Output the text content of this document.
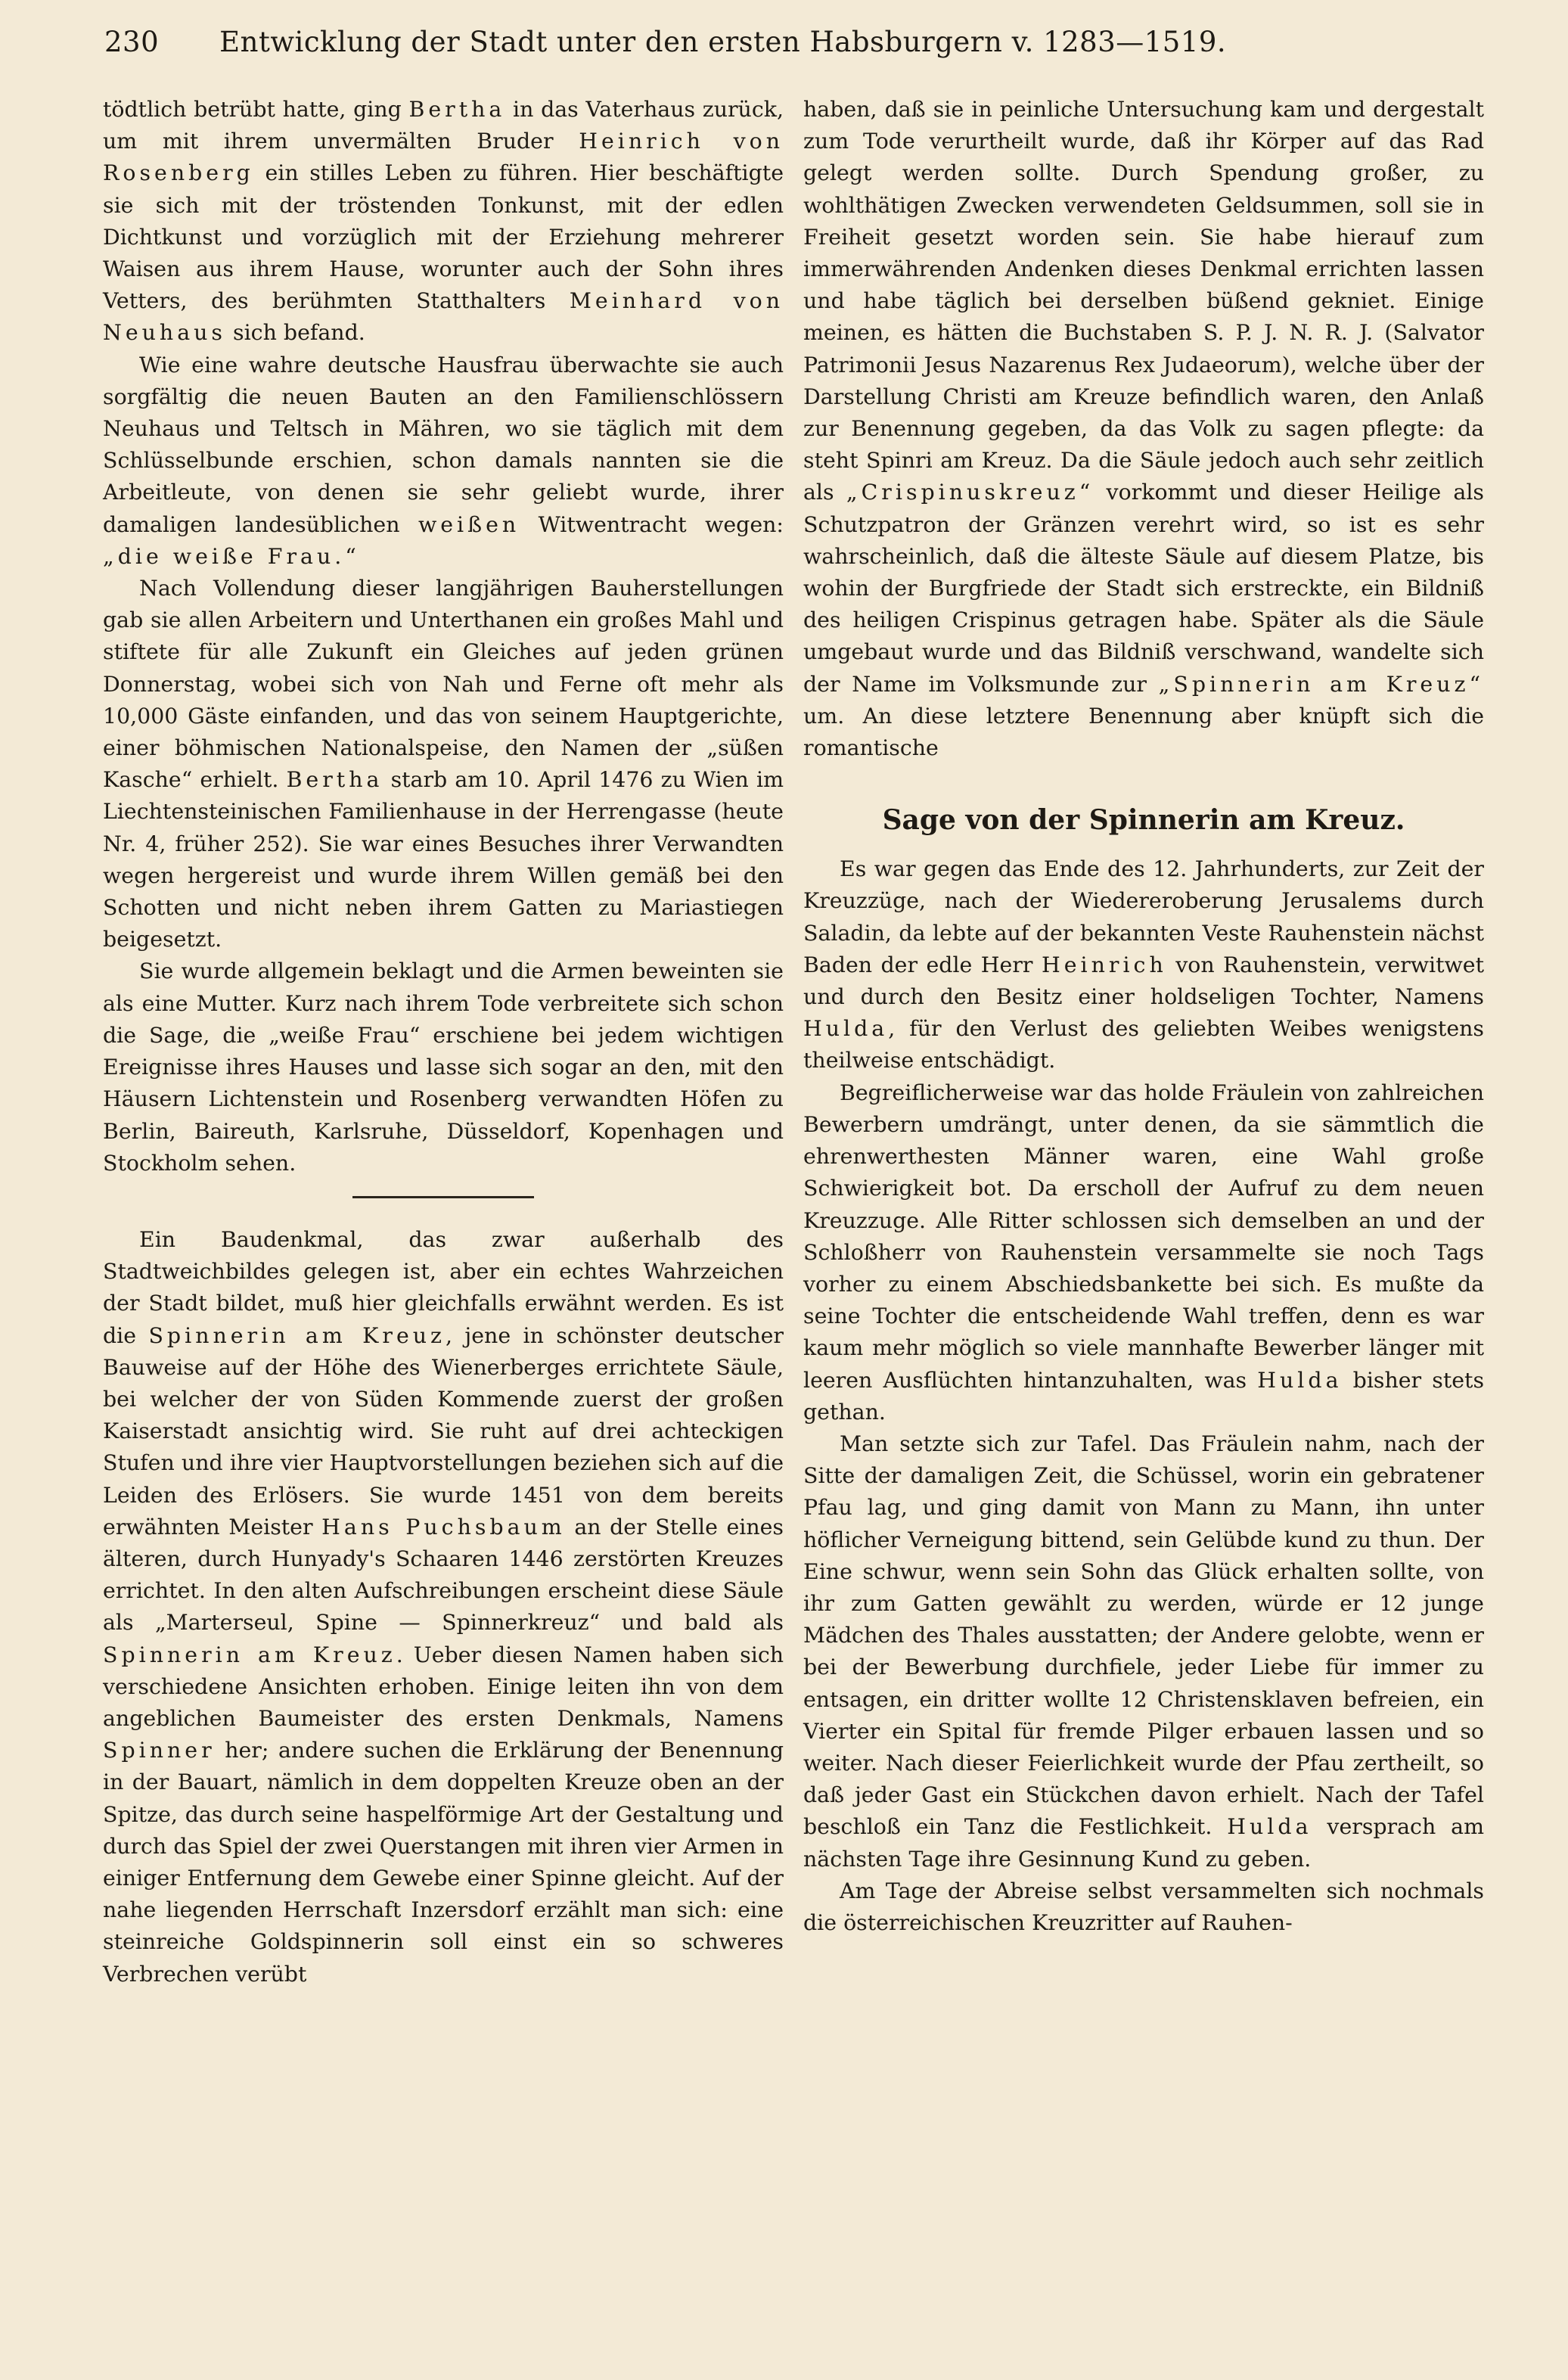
230 Entwicklung der Stadt unter den ersten Habsburgern v. 1283—1519.

tödtlich betrübt hatte, ging Bertha in das Vaterhaus zurück, um mit ihrem unvermälten Bruder Heinrich von Rosenberg ein stilles Leben zu führen. Hier beschäftigte sie sich mit der tröstenden Tonkunst, mit der edlen Dichtkunst und vorzüglich mit der Erziehung mehrerer Waisen aus ihrem Hause, worunter auch der Sohn ihres Vetters, des berühmten Statthalters Meinhard von Neuhaus sich befand.

Wie eine wahre deutsche Hausfrau überwachte sie auch sorgfältig die neuen Bauten an den Familienschlössern Neuhaus und Teltsch in Mähren, wo sie täglich mit dem Schlüsselbunde erschien, schon damals nannten sie die Arbeitleute, von denen sie sehr geliebt wurde, ihrer damaligen landesüblichen weißen Witwentracht wegen: „die weiße Frau.“

Nach Vollendung dieser langjährigen Bauherstellungen gab sie allen Arbeitern und Unterthanen ein großes Mahl und stiftete für alle Zukunft ein Gleiches auf jeden grünen Donnerstag, wobei sich von Nah und Ferne oft mehr als 10,000 Gäste einfanden, und das von seinem Hauptgerichte, einer böhmischen Nationalspeise, den Namen der „süßen Kasche“ erhielt. Bertha starb am 10. April 1476 zu Wien im Liechtensteinischen Familienhause in der Herrengasse (heute Nr. 4, früher 252). Sie war eines Besuches ihrer Verwandten wegen hergereist und wurde ihrem Willen gemäß bei den Schotten und nicht neben ihrem Gatten zu Mariastiegen beigesetzt.

Sie wurde allgemein beklagt und die Armen beweinten sie als eine Mutter. Kurz nach ihrem Tode verbreitete sich schon die Sage, die „weiße Frau“ erschiene bei jedem wichtigen Ereignisse ihres Hauses und lasse sich sogar an den, mit den Häusern Lichtenstein und Rosenberg verwandten Höfen zu Berlin, Baireuth, Karlsruhe, Düsseldorf, Kopenhagen und Stockholm sehen.

Ein Baudenkmal, das zwar außerhalb des Stadtweichbildes gelegen ist, aber ein echtes Wahrzeichen der Stadt bildet, muß hier gleichfalls erwähnt werden. Es ist die Spinnerin am Kreuz, jene in schönster deutscher Bauweise auf der Höhe des Wienerberges errichtete Säule, bei welcher der von Süden Kommende zuerst der großen Kaiserstadt ansichtig wird. Sie ruht auf drei achteckigen Stufen und ihre vier Hauptvorstellungen beziehen sich auf die Leiden des Erlösers. Sie wurde 1451 von dem bereits erwähnten Meister Hans Puchsbaum an der Stelle eines älteren, durch Hunyady's Schaaren 1446 zerstörten Kreuzes errichtet. In den alten Aufschreibungen erscheint diese Säule als „Marterseul, Spine — Spinnerkreuz“ und bald als Spinnerin am Kreuz. Ueber diesen Namen haben sich verschiedene Ansichten erhoben. Einige leiten ihn von dem angeblichen Baumeister des ersten Denkmals, Namens Spinner her; andere suchen die Erklärung der Benennung in der Bauart, nämlich in dem doppelten Kreuze oben an der Spitze, das durch seine haspelförmige Art der Gestaltung und durch das Spiel der zwei Querstangen mit ihren vier Armen in einiger Entfernung dem Gewebe einer Spinne gleicht. Auf der nahe liegenden Herrschaft Inzersdorf erzählt man sich: eine steinreiche Goldspinnerin soll einst ein so schweres Verbrechen verübt

haben, daß sie in peinliche Untersuchung kam und dergestalt zum Tode verurtheilt wurde, daß ihr Körper auf das Rad gelegt werden sollte. Durch Spendung großer, zu wohlthätigen Zwecken verwendeten Geldsummen, soll sie in Freiheit gesetzt worden sein. Sie habe hierauf zum immerwährenden Andenken dieses Denkmal errichten lassen und habe täglich bei derselben büßend gekniet. Einige meinen, es hätten die Buchstaben S. P. J. N. R. J. (Salvator Patrimonii Jesus Nazarenus Rex Judaeorum), welche über der Darstellung Christi am Kreuze befindlich waren, den Anlaß zur Benennung gegeben, da das Volk zu sagen pflegte: da steht Spinri am Kreuz. Da die Säule jedoch auch sehr zeitlich als „Crispinuskreuz“ vorkommt und dieser Heilige als Schutzpatron der Gränzen verehrt wird, so ist es sehr wahrscheinlich, daß die älteste Säule auf diesem Platze, bis wohin der Burgfriede der Stadt sich erstreckte, ein Bildniß des heiligen Crispinus getragen habe. Später als die Säule umgebaut wurde und das Bildniß verschwand, wandelte sich der Name im Volksmunde zur „Spinnerin am Kreuz“ um. An diese letztere Benennung aber knüpft sich die romantische

Sage von der Spinnerin am Kreuz.

Es war gegen das Ende des 12. Jahrhunderts, zur Zeit der Kreuzzüge, nach der Wiedereroberung Jerusalems durch Saladin, da lebte auf der bekannten Veste Rauhenstein nächst Baden der edle Herr Heinrich von Rauhenstein, verwitwet und durch den Besitz einer holdseligen Tochter, Namens Hulda, für den Verlust des geliebten Weibes wenigstens theilweise entschädigt.

Begreiflicherweise war das holde Fräulein von zahlreichen Bewerbern umdrängt, unter denen, da sie sämmtlich die ehrenwerthesten Männer waren, eine Wahl große Schwierigkeit bot. Da erscholl der Aufruf zu dem neuen Kreuzzuge. Alle Ritter schlossen sich demselben an und der Schloßherr von Rauhenstein versammelte sie noch Tags vorher zu einem Abschiedsbankette bei sich. Es mußte da seine Tochter die entscheidende Wahl treffen, denn es war kaum mehr möglich so viele mannhafte Bewerber länger mit leeren Ausflüchten hintanzuhalten, was Hulda bisher stets gethan.

Man setzte sich zur Tafel. Das Fräulein nahm, nach der Sitte der damaligen Zeit, die Schüssel, worin ein gebratener Pfau lag, und ging damit von Mann zu Mann, ihn unter höflicher Verneigung bittend, sein Gelübde kund zu thun. Der Eine schwur, wenn sein Sohn das Glück erhalten sollte, von ihr zum Gatten gewählt zu werden, würde er 12 junge Mädchen des Thales ausstatten; der Andere gelobte, wenn er bei der Bewerbung durchfiele, jeder Liebe für immer zu entsagen, ein dritter wollte 12 Christensklaven befreien, ein Vierter ein Spital für fremde Pilger erbauen lassen und so weiter. Nach dieser Feierlichkeit wurde der Pfau zertheilt, so daß jeder Gast ein Stückchen davon erhielt. Nach der Tafel beschloß ein Tanz die Festlichkeit. Hulda versprach am nächsten Tage ihre Gesinnung Kund zu geben.

Am Tage der Abreise selbst versammelten sich nochmals die österreichischen Kreuzritter auf Rauhen-
